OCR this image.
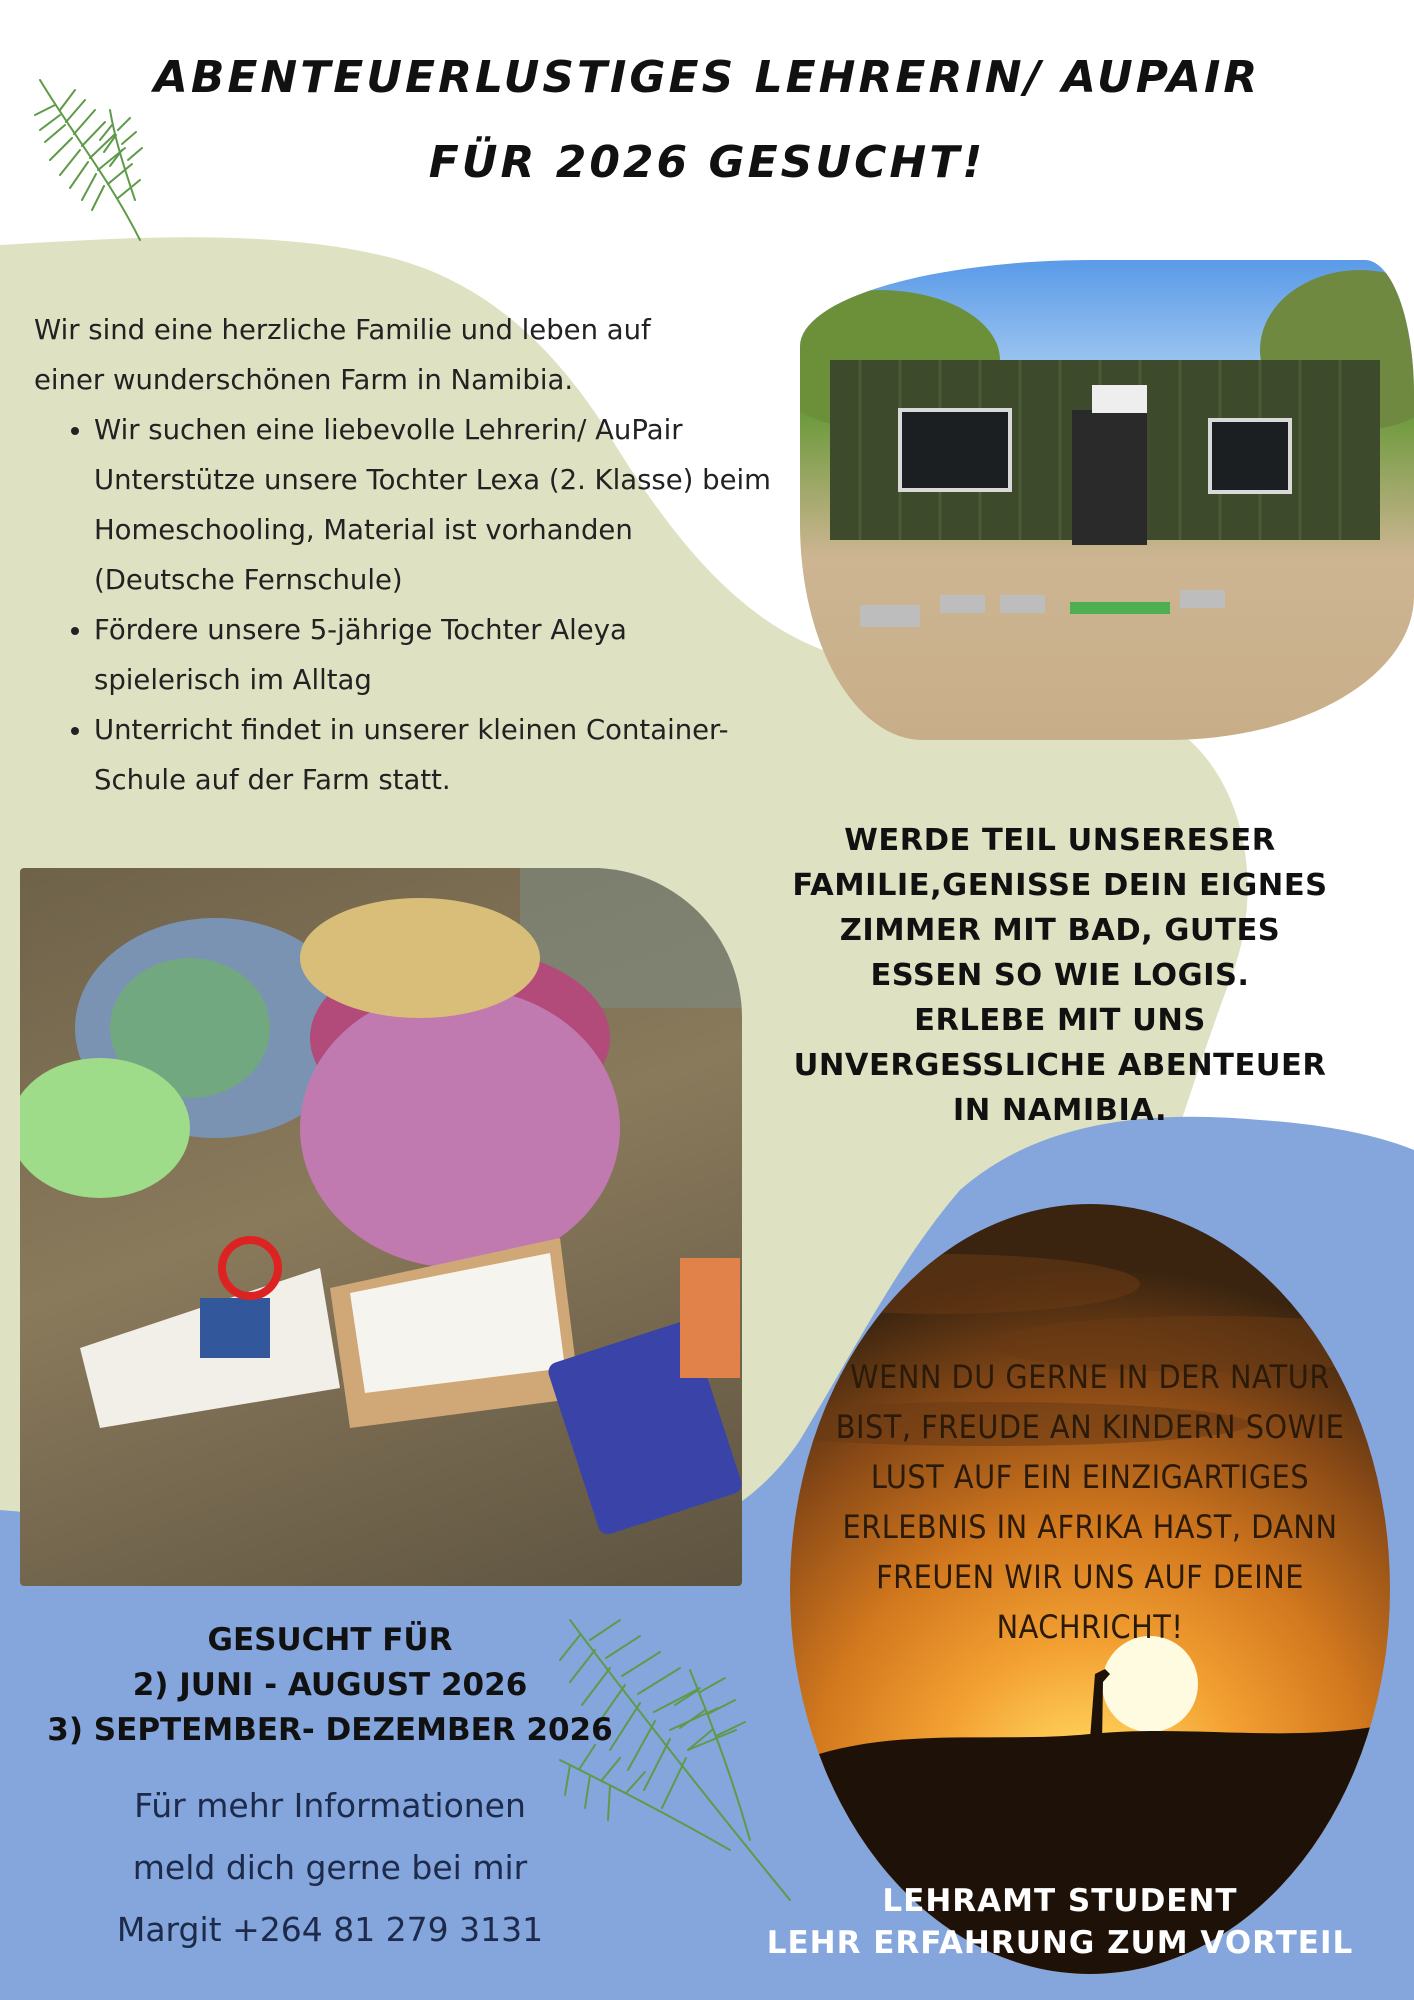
ABENTEUERLUSTIGES LEHRERIN/ AUPAIR
FÜR 2026 GESUCHT!
Wir sind eine herzliche Familie und leben auf
einer wunderschönen Farm in Namibia.
• Wir suchen eine liebevolle Lehrerin/ AuPair Unterstütze unsere Tochter Lexa (2. Klasse) beim Homeschooling, Material ist vorhanden (Deutsche Fernschule)
• Fördere unsere 5-jährige Tochter Aleya spielerisch im Alltag
• Unterricht findet in unserer kleinen Container- Schule auf der Farm statt.
WERDE TEIL UNSERESER
FAMILIE,GENISSE DEIN EIGNES
ZIMMER MIT BAD, GUTES
ESSEN SO WIE LOGIS.
ERLEBE MIT UNS
UNVERGESSLICHE ABENTEUER
IN NAMIBIA.
WENN DU GERNE IN DER NATUR
BIST, FREUDE AN KINDERN SOWIE
LUST AUF EIN EINZIGARTIGES
ERLEBNIS IN AFRIKA HAST, DANN
FREUEN WIR UNS AUF DEINE
NACHRICHT!
GESUCHT FÜR
2) JUNI - AUGUST 2026
3) SEPTEMBER- DEZEMBER 2026
Für mehr Informationen
meld dich gerne bei mir
Margit +264 81 279 3131
LEHRAMT STUDENT
LEHR ERFAHRUNG ZUM VORTEIL
